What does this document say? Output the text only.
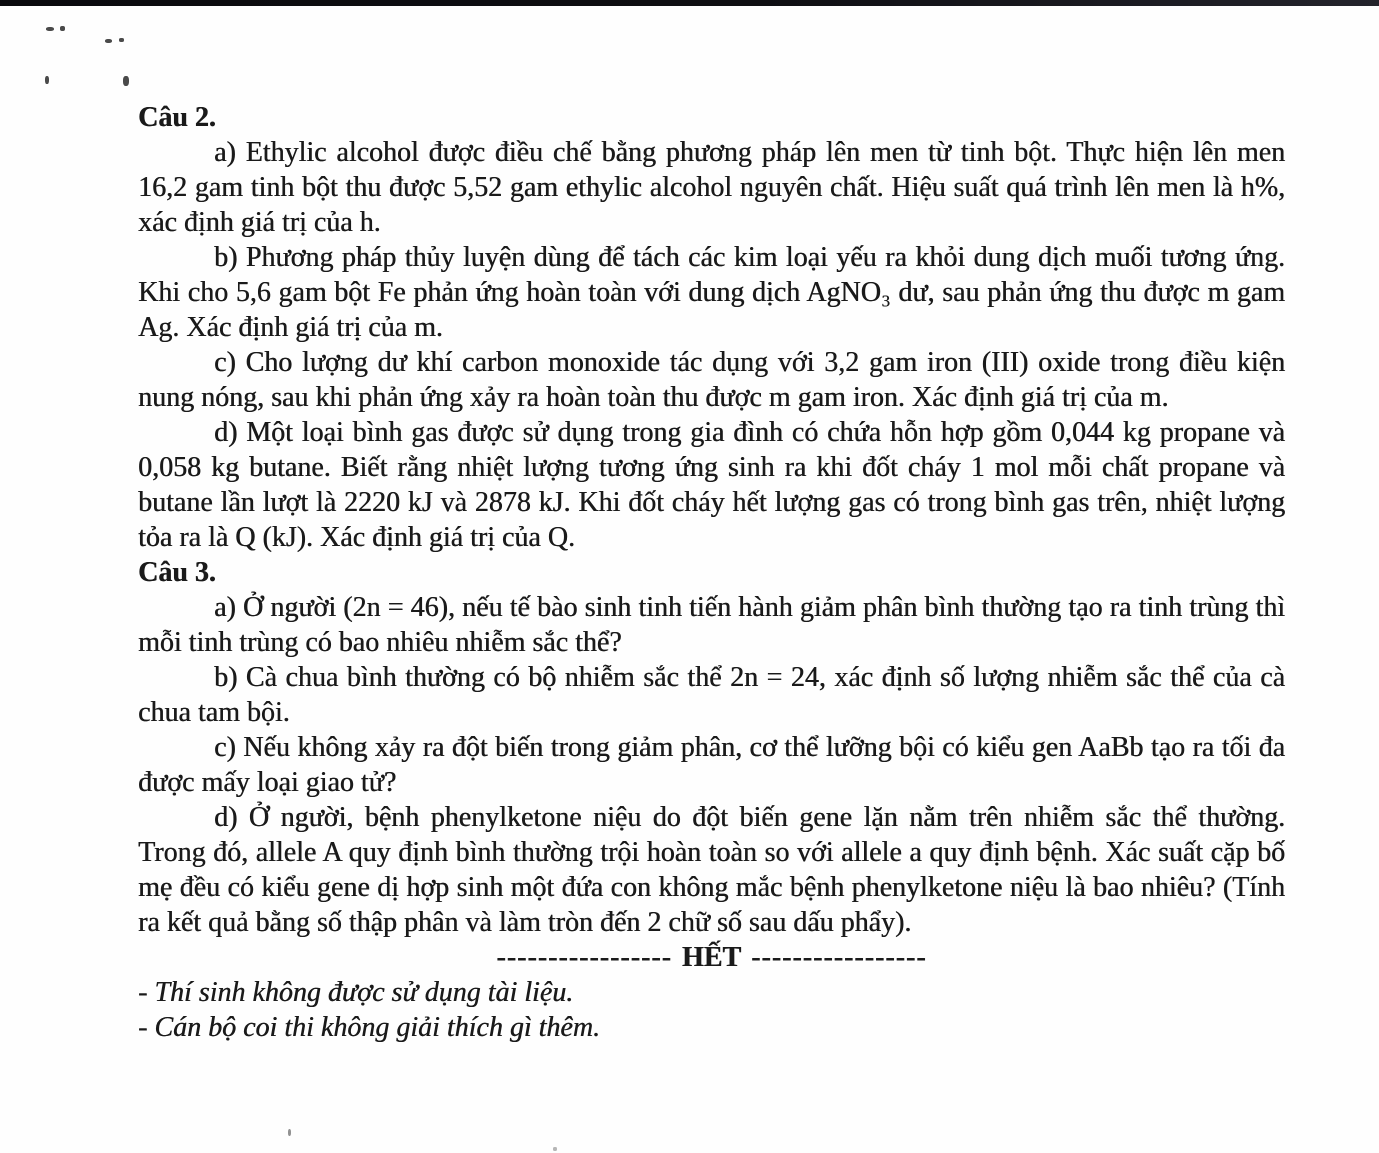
Câu 2.

a) Ethylic alcohol được điều chế bằng phương pháp lên men từ tinh bột. Thực hiện lên men 16,2 gam tinh bột thu được 5,52 gam ethylic alcohol nguyên chất. Hiệu suất quá trình lên men là h%, xác định giá trị của h.

b) Phương pháp thủy luyện dùng để tách các kim loại yếu ra khỏi dung dịch muối tương ứng. Khi cho 5,6 gam bột Fe phản ứng hoàn toàn với dung dịch AgNO₃ dư, sau phản ứng thu được m gam Ag. Xác định giá trị của m.

c) Cho lượng dư khí carbon monoxide tác dụng với 3,2 gam iron (III) oxide trong điều kiện nung nóng, sau khi phản ứng xảy ra hoàn toàn thu được m gam iron. Xác định giá trị của m.

d) Một loại bình gas được sử dụng trong gia đình có chứa hỗn hợp gồm 0,044 kg propane và 0,058 kg butane. Biết rằng nhiệt lượng tương ứng sinh ra khi đốt cháy 1 mol mỗi chất propane và butane lần lượt là 2220 kJ và 2878 kJ. Khi đốt cháy hết lượng gas có trong bình gas trên, nhiệt lượng tỏa ra là Q (kJ). Xác định giá trị của Q.

Câu 3.

a) Ở người (2n = 46), nếu tế bào sinh tinh tiến hành giảm phân bình thường tạo ra tinh trùng thì mỗi tinh trùng có bao nhiêu nhiễm sắc thể?

b) Cà chua bình thường có bộ nhiễm sắc thể 2n = 24, xác định số lượng nhiễm sắc thể của cà chua tam bội.

c) Nếu không xảy ra đột biến trong giảm phân, cơ thể lưỡng bội có kiểu gen AaBb tạo ra tối đa được mấy loại giao tử?

d) Ở người, bệnh phenylketone niệu do đột biến gene lặn nằm trên nhiễm sắc thể thường. Trong đó, allele A quy định bình thường trội hoàn toàn so với allele a quy định bệnh. Xác suất cặp bố mẹ đều có kiểu gene dị hợp sinh một đứa con không mắc bệnh phenylketone niệu là bao nhiêu? (Tính ra kết quả bằng số thập phân và làm tròn đến 2 chữ số sau dấu phẩy).

----------------- HẾT -----------------

- Thí sinh không được sử dụng tài liệu.

- Cán bộ coi thi không giải thích gì thêm.
